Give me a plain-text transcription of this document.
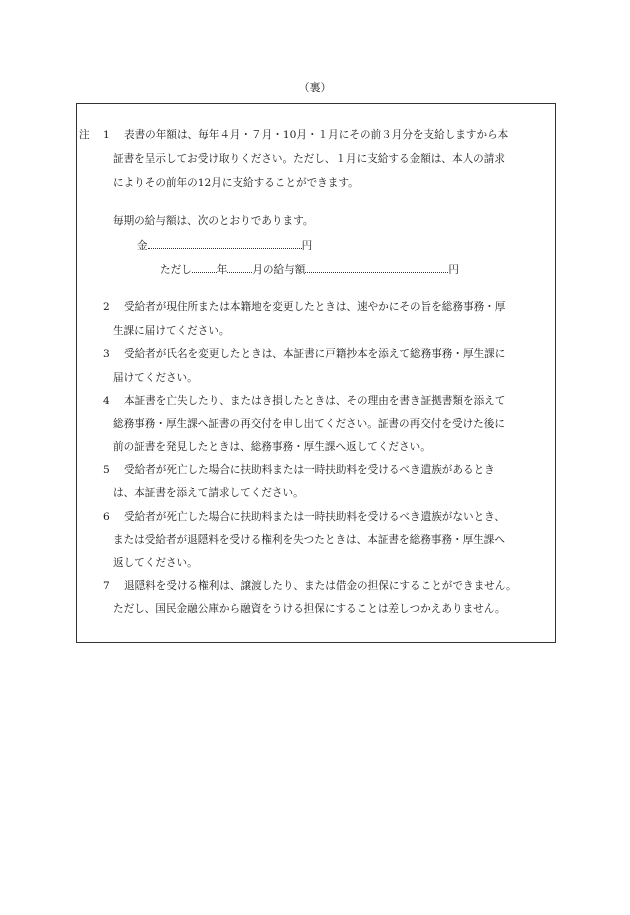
（裏）
注 1 表書の年額は、毎年４月・７月・10月・１月にその前３月分を支給しますから本
証書を呈示してお受け取りください。ただし、１月に支給する金額は、本人の請求
によりその前年の12月に支給することができます。
毎期の給与額は、次のとおりであります。
金	円
ただし 年 月の給与額	円
2 受給者が現住所または本籍地を変更したときは、速やかにその旨を総務事務・厚
生課に届けてください。
3 受給者が氏名を変更したときは、本証書に戸籍抄本を添えて総務事務・厚生課に
届けてください。
4 本証書を亡失したり、またはき損したときは、その理由を書き証拠書類を添えて
総務事務・厚生課へ証書の再交付を申し出てください。証書の再交付を受けた後に
前の証書を発見したときは、総務事務・厚生課へ返してください。
5 受給者が死亡した場合に扶助料または一時扶助料を受けるべき遺族があるとき
は、本証書を添えて請求してください。
6 受給者が死亡した場合に扶助料または一時扶助料を受けるべき遺族がないとき、
または受給者が退隠料を受ける権利を失つたときは、本証書を総務事務・厚生課へ
返してください。
7 退隠料を受ける権利は、譲渡したり、または借金の担保にすることができません。
ただし、国民金融公庫から融資をうける担保にすることは差しつかえありません。
